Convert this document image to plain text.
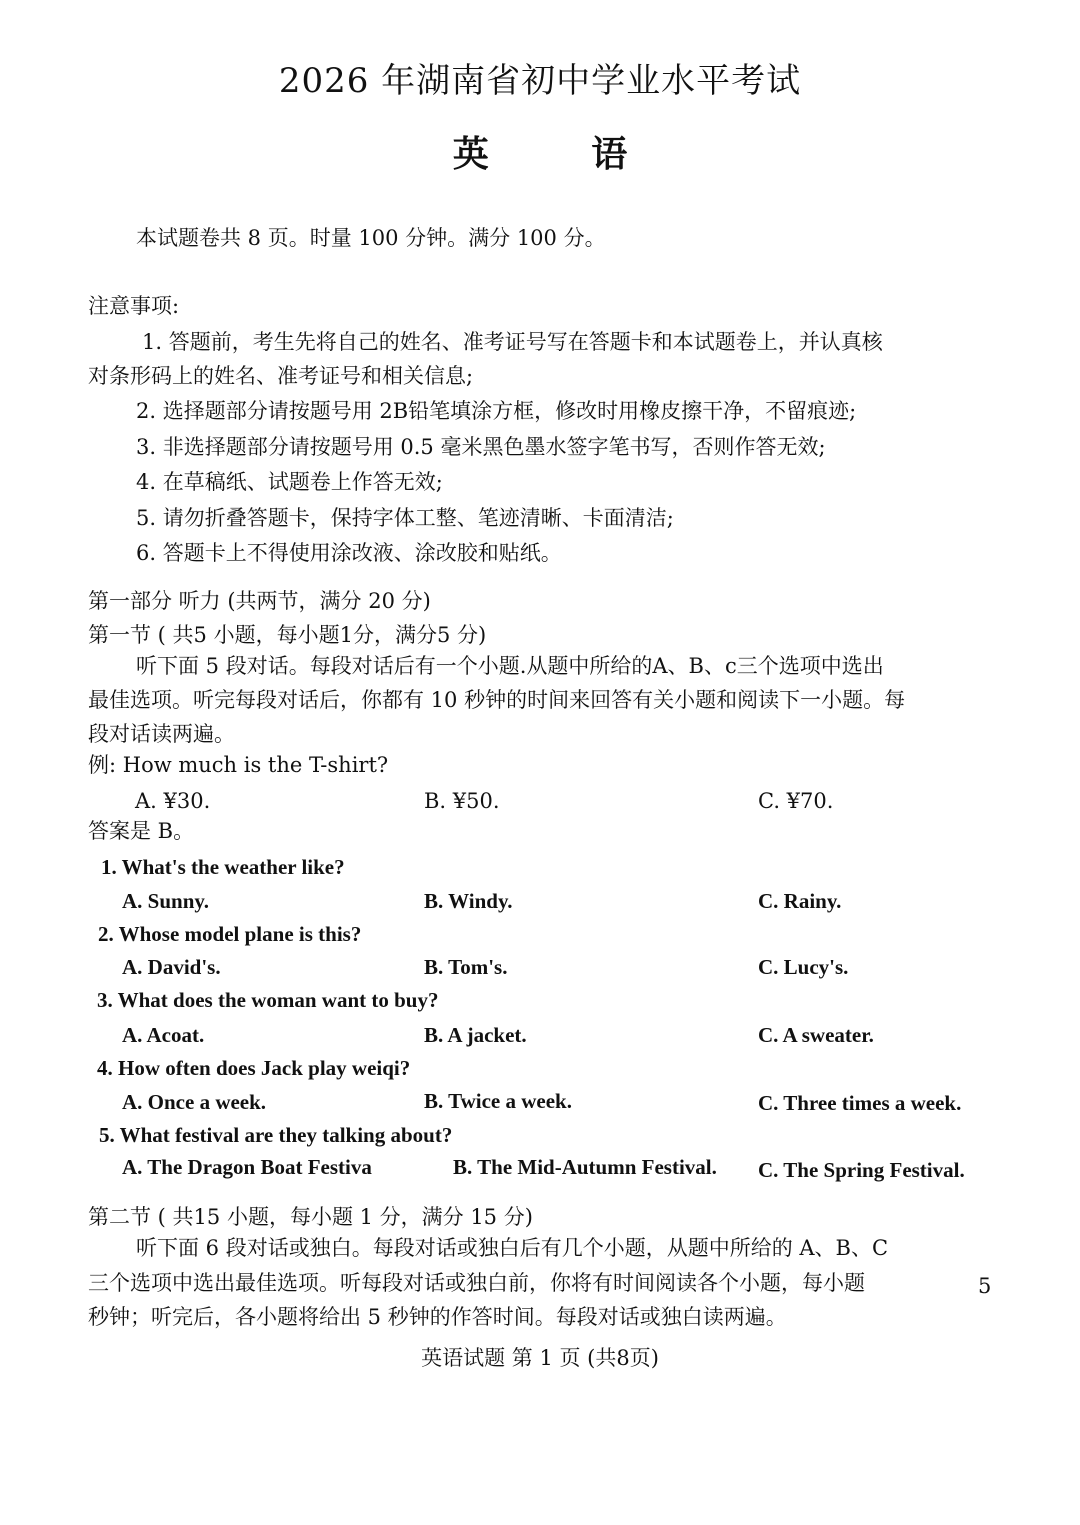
2026 年湖南省初中学业水平考试
英 语
本试题卷共 8 页。时量 100 分钟。满分 100 分。
注意事项:
1. 答题前，考生先将自己的姓名、准考证号写在答题卡和本试题卷上，并认真核
对条形码上的姓名、准考证号和相关信息;
2. 选择题部分请按题号用 2B铅笔填涂方框，修改时用橡皮擦干净，不留痕迹;
3. 非选择题部分请按题号用 0.5 毫米黑色墨水签字笔书写，否则作答无效;
4. 在草稿纸、试题卷上作答无效;
5. 请勿折叠答题卡，保持字体工整、笔迹清晰、卡面清洁;
6. 答题卡上不得使用涂改液、涂改胶和贴纸。
第一部分 听力 (共两节，满分 20 分)
第一节 ( 共5 小题，每小题1分，满分5 分)
听下面 5 段对话。每段对话后有一个小题.从题中所给的A、B、c三个选项中选出
最佳选项。听完每段对话后，你都有 10 秒钟的时间来回答有关小题和阅读下一小题。每
段对话读两遍。
例: How much is the T-shirt?
A. ¥30.	B. ¥50.	C. ¥70.
答案是 B。
1. What's the weather like?
A. Sunny.	B. Windy.	C. Rainy.
2. Whose model plane is this?
A. David's.	B. Tom's.	C. Lucy's.
3. What does the woman want to buy?
A. Acoat.	B. A jacket.	C. A sweater.
4. How often does Jack play weiqi?
A. Once a week.	B. Twice a week.	C. Three times a week.
5. What festival are they talking about?
A. The Dragon Boat Festiva	B. The Mid-Autumn Festival. C. The Spring Festival.
第二节 ( 共15 小题，每小题 1 分，满分 15 分)
听下面 6 段对话或独白。每段对话或独白后有几个小题，从题中所给的 A、B、C
三个选项中选出最佳选项。听每段对话或独白前，你将有时间阅读各个小题，每小题	5
秒钟；听完后，各小题将给出 5 秒钟的作答时间。每段对话或独白读两遍。
英语试题 第 1 页 (共8页)
